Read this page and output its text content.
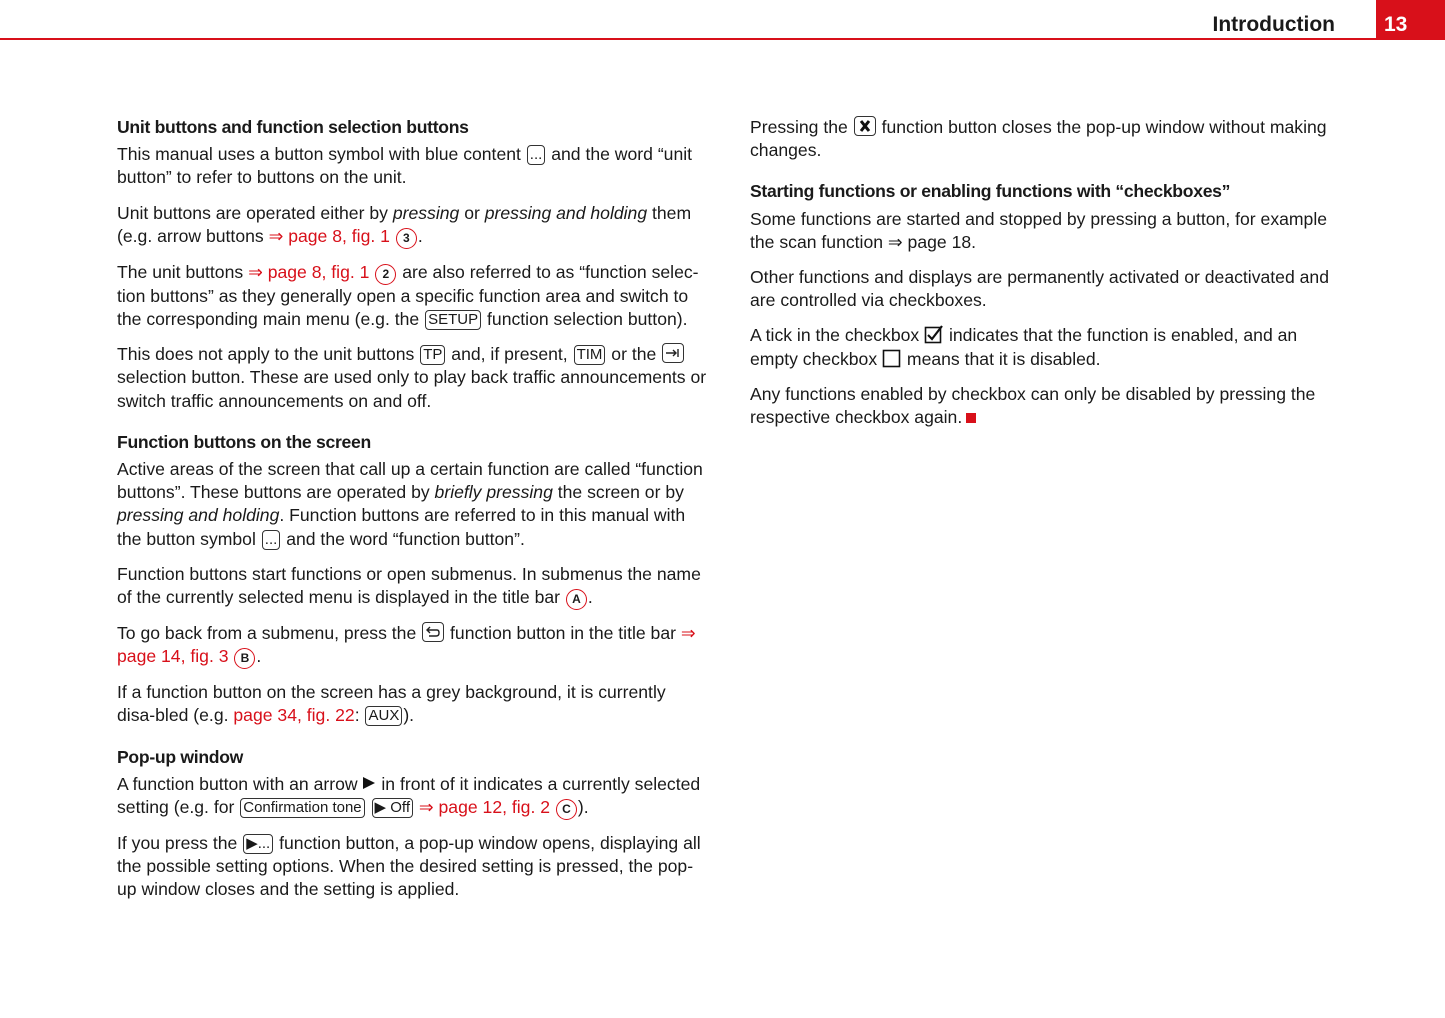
Introduction 13
Unit buttons and function selection buttons

This manual uses a button symbol with blue content ... and the word “unit button” to refer to buttons on the unit.

Unit buttons are operated either by pressing or pressing and holding them (e.g. arrow buttons ⇒ page 8, fig. 1 3 .

The unit buttons ⇒ page 8, fig. 1 2 are also referred to as “function selec-tion buttons” as they generally open a specific function area and switch to the corresponding main menu (e.g. the SETUP function selection button).

This does not apply to the unit buttons TP and, if present, TIM or the
selection button. These are used only to play back traffic announcements or switch traffic announcements on and off.

Function buttons on the screen

Active areas of the screen that call up a certain function are called “function buttons”. These buttons are operated by briefly pressing the screen or by pressing and holding. Function buttons are referred to in this manual with the button symbol ... and the word “function button”.

Function buttons start functions or open submenus. In submenus the name of the currently selected menu is displayed in the title bar A .

To go back from a submenu, press the function button in the title bar ⇒ page 14, fig. 3 B .

If a function button on the screen has a grey background, it is currently disa-bled (e.g. page 34, fig. 22: AUX ).

Pop-up window

A function button with an arrow in front of it indicates a currently selected setting (e.g. for Confirmation tone ▶ Off ⇒ page 12, fig. 2 C ).

If you press the ▶... function button, a pop-up window opens, displaying all the possible setting options. When the desired setting is pressed, the pop-up window closes and the setting is applied.

Pressing the function button closes the pop-up window without making changes.

Starting functions or enabling functions with “checkboxes”

Some functions are started and stopped by pressing a button, for example the scan function ⇒ page 18.

Other functions and displays are permanently activated or deactivated and are controlled via checkboxes.

A tick in the checkbox indicates that the function is enabled, and an empty checkbox means that it is disabled.

Any functions enabled by checkbox can only be disabled by pressing the respective checkbox again.
